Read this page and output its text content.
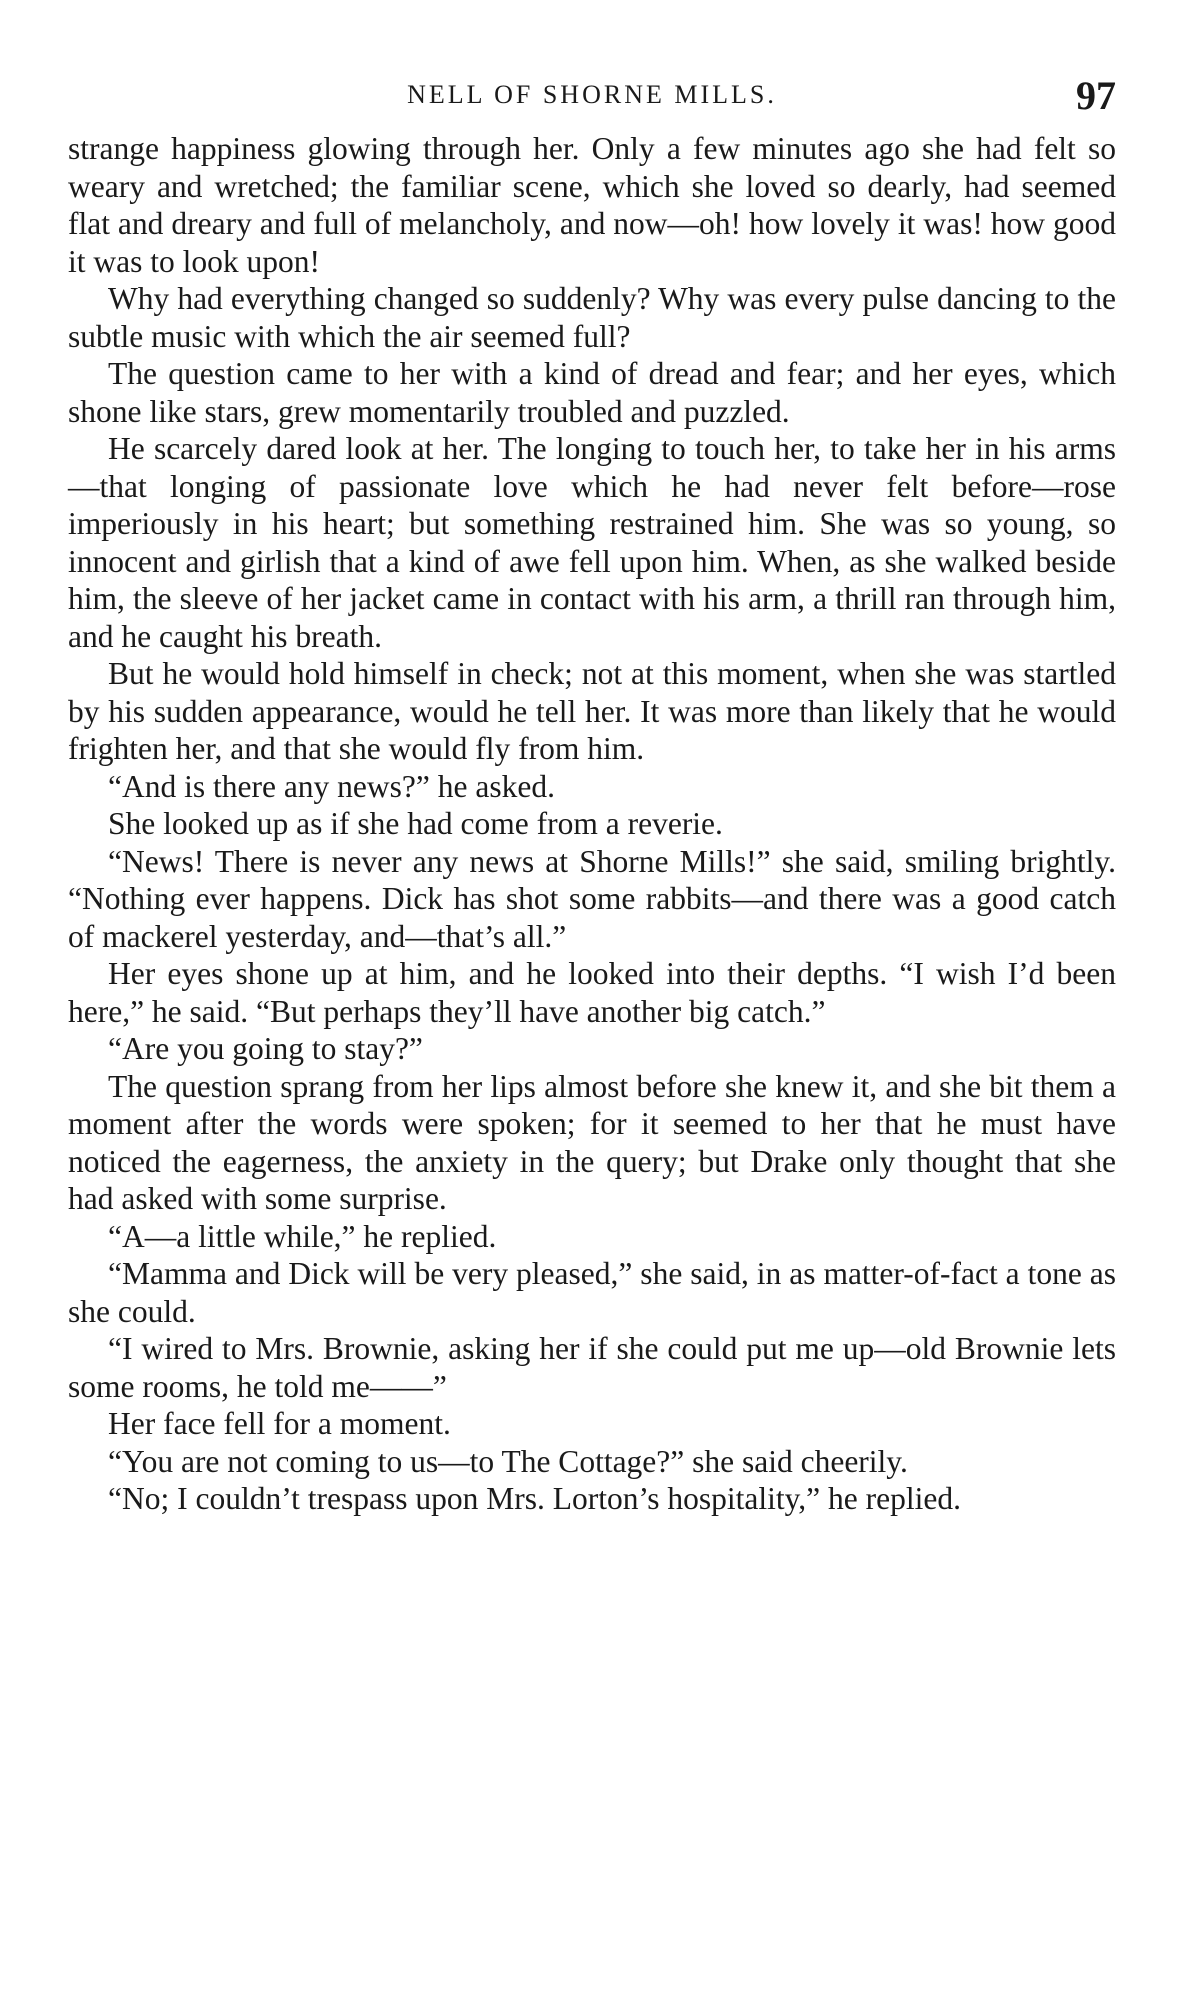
NELL OF SHORNE MILLS.	97

strange happiness glowing through her. Only a few minutes ago she had felt so weary and wretched; the familiar scene, which she loved so dearly, had seemed flat and dreary and full of melancholy, and now—oh! how lovely it was! how good it was to look upon!

Why had everything changed so suddenly? Why was every pulse dancing to the subtle music with which the air seemed full?

The question came to her with a kind of dread and fear; and her eyes, which shone like stars, grew momentarily troubled and puzzled.

He scarcely dared look at her. The longing to touch her, to take her in his arms—that longing of passionate love which he had never felt before—rose imperiously in his heart; but something restrained him. She was so young, so innocent and girlish that a kind of awe fell upon him. When, as she walked beside him, the sleeve of her jacket came in contact with his arm, a thrill ran through him, and he caught his breath.

But he would hold himself in check; not at this moment, when she was startled by his sudden appearance, would he tell her. It was more than likely that he would frighten her, and that she would fly from him.

“And is there any news?” he asked.

She looked up as if she had come from a reverie.

“News! There is never any news at Shorne Mills!” she said, smiling brightly. “Nothing ever happens. Dick has shot some rabbits—and there was a good catch of mackerel yesterday, and—that’s all.”

Her eyes shone up at him, and he looked into their depths. “I wish I’d been here,” he said. “But perhaps they’ll have another big catch.”

“Are you going to stay?”

The question sprang from her lips almost before she knew it, and she bit them a moment after the words were spoken; for it seemed to her that he must have noticed the eagerness, the anxiety in the query; but Drake only thought that she had asked with some surprise.

“A—a little while,” he replied.

“Mamma and Dick will be very pleased,” she said, in as matter-of-fact a tone as she could.

“I wired to Mrs. Brownie, asking her if she could put me up—old Brownie lets some rooms, he told me——”

Her face fell for a moment.

“You are not coming to us—to The Cottage?” she said cheerily.

“No; I couldn’t trespass upon Mrs. Lorton’s hospitality,” he replied.
